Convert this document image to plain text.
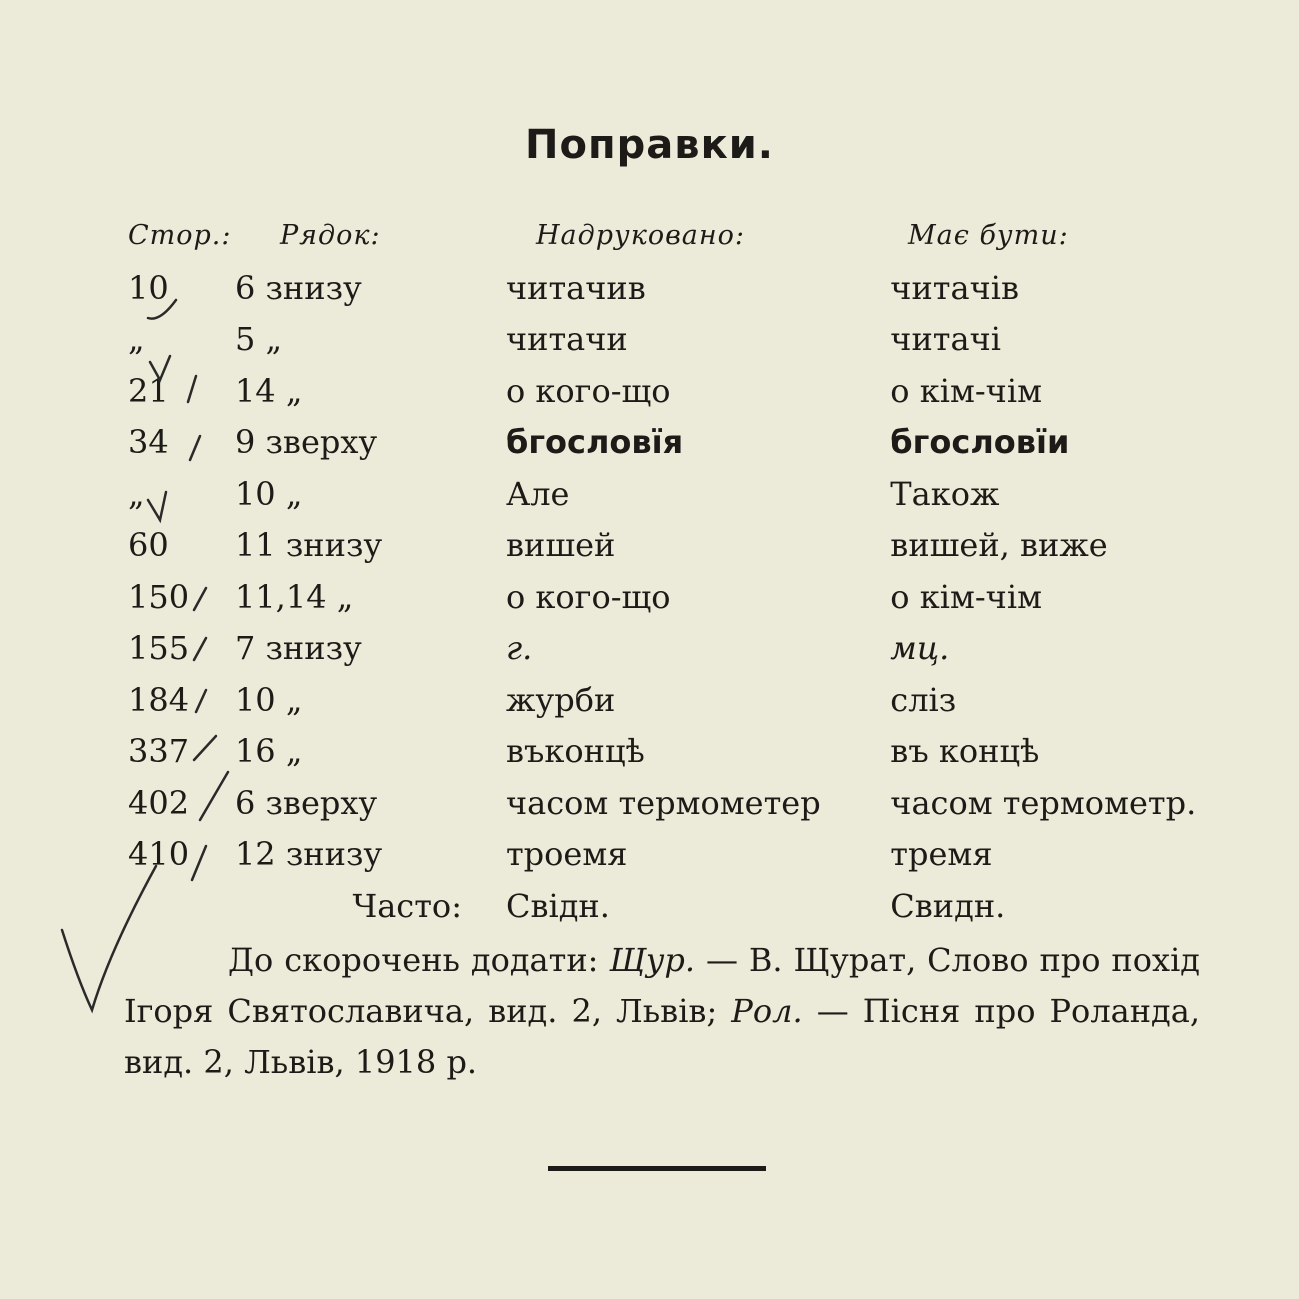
Поправки.
Стор.: Рядок:	Надруковано:	Має бути:
10	6 знизу	читачив	читачів
„	5 „	читачи	читачі
21	14 „	о кого-що	о кім-чім
34	9 зверху	бгословїя	бгословїи
„	10 „	Але	Також
60	11 знизу	вишей	вишей, виже
150	11,14 „	о кого-що	о кім-чім
155	7 знизу	г.	мц.
184	10 „	журби	сліз
337	16 „	въконцѣ	въ концѣ
402	6 зверху	часом термометер	часом термометр.
410	12 знизу	троемя	тремя
	Часто:	Свідн.	Свидн.
До скорочень додати: Щур. — В. Щурат, Слово про похід Ігоря Святославича, вид. 2, Львів; Рол. — Пісня про Роланда, вид. 2, Львів, 1918 р.
